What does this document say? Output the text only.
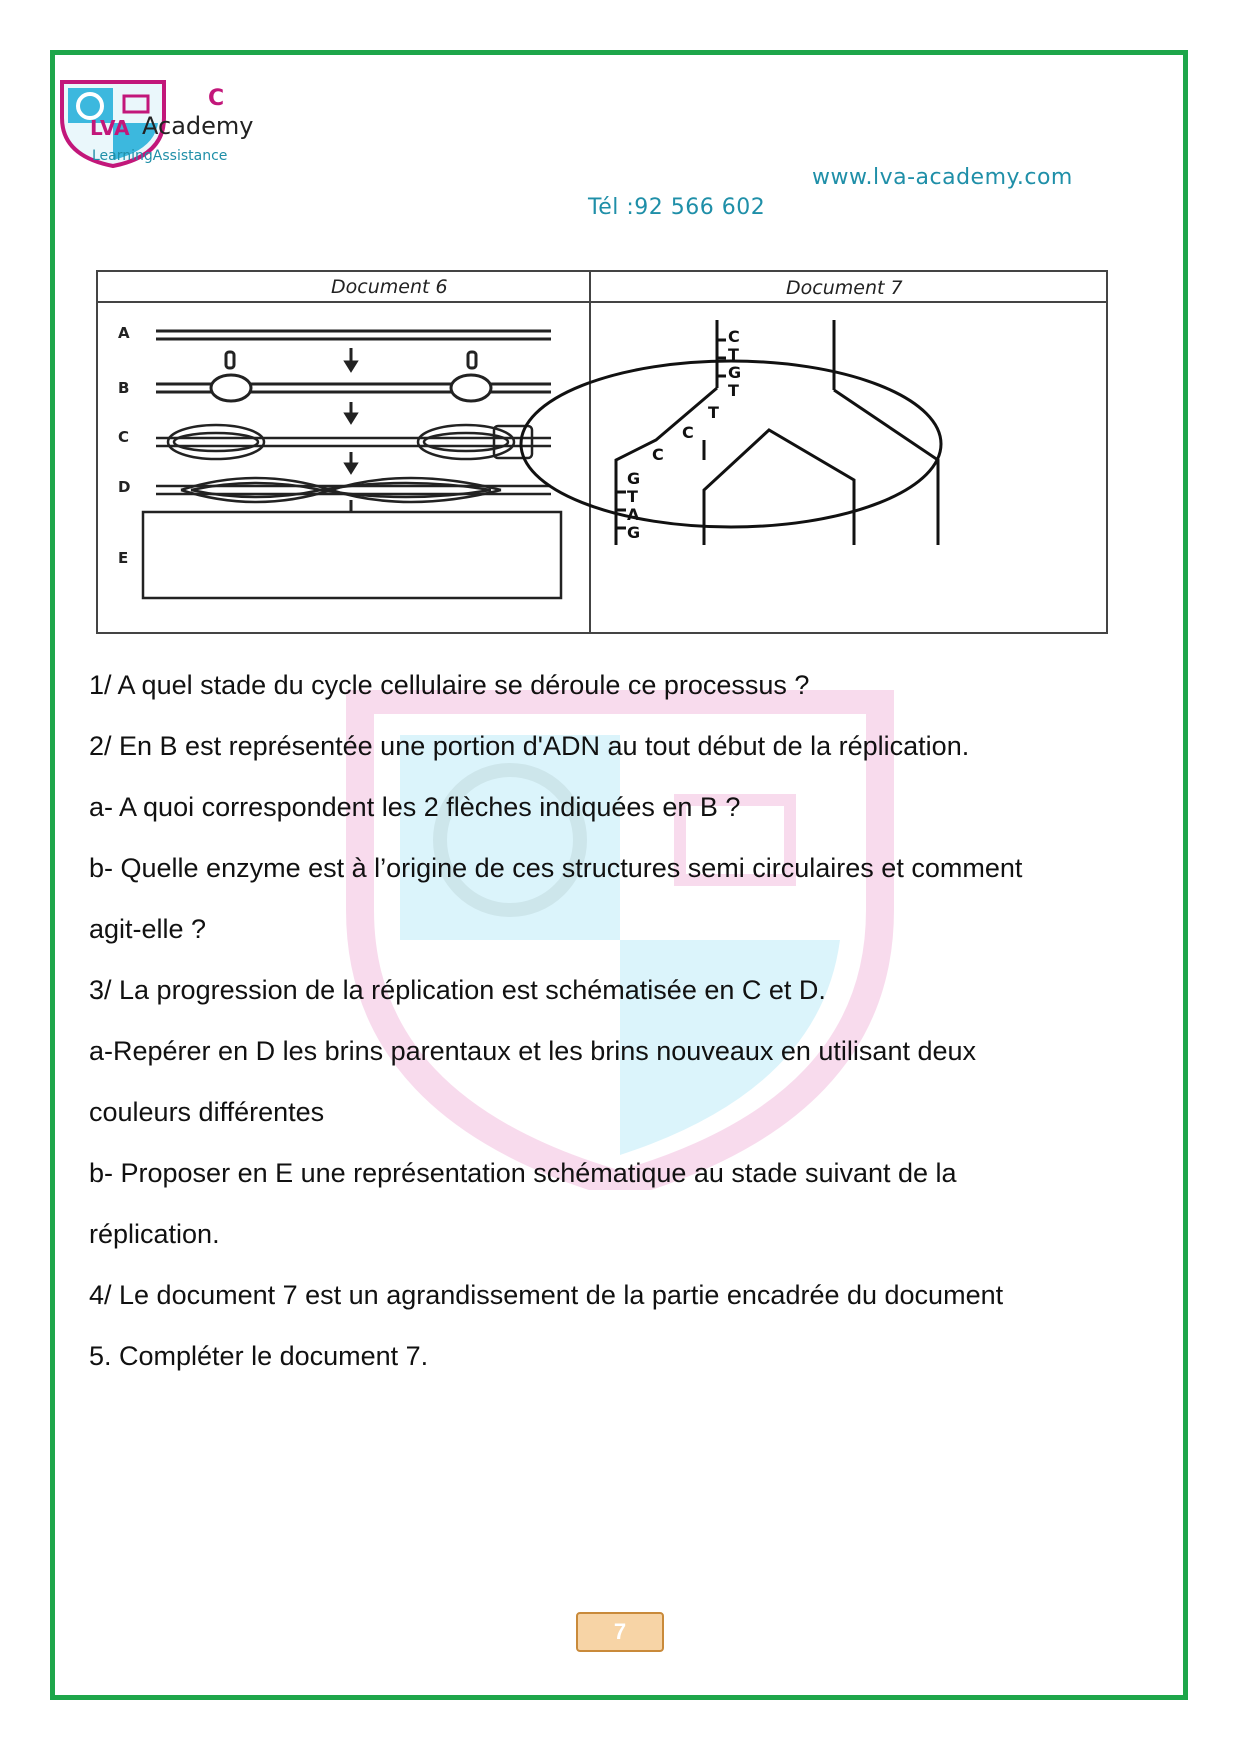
C
LVA Academy
LearningAssistance
www.lva-academy.com
Tél :92 566 602
Document 6	Document 7
A
B
C
D
E
C
T
G
T
T
C
C
G
T
A
G

1/ A quel stade du cycle cellulaire se déroule ce processus ?

2/ En B est représentée une portion d'ADN au tout début de la réplication.

a- A quoi correspondent les 2 flèches indiquées en B ?

b- Quelle enzyme est à l’origine de ces structures semi circulaires et comment

agit-elle ?

3/ La progression de la réplication est schématisée en C et D.

a-Repérer en D les brins parentaux et les brins nouveaux en utilisant deux

couleurs différentes

b- Proposer en E une représentation schématique au stade suivant de la

réplication.

4/ Le document 7 est un agrandissement de la partie encadrée du document

5. Compléter le document 7.

7
